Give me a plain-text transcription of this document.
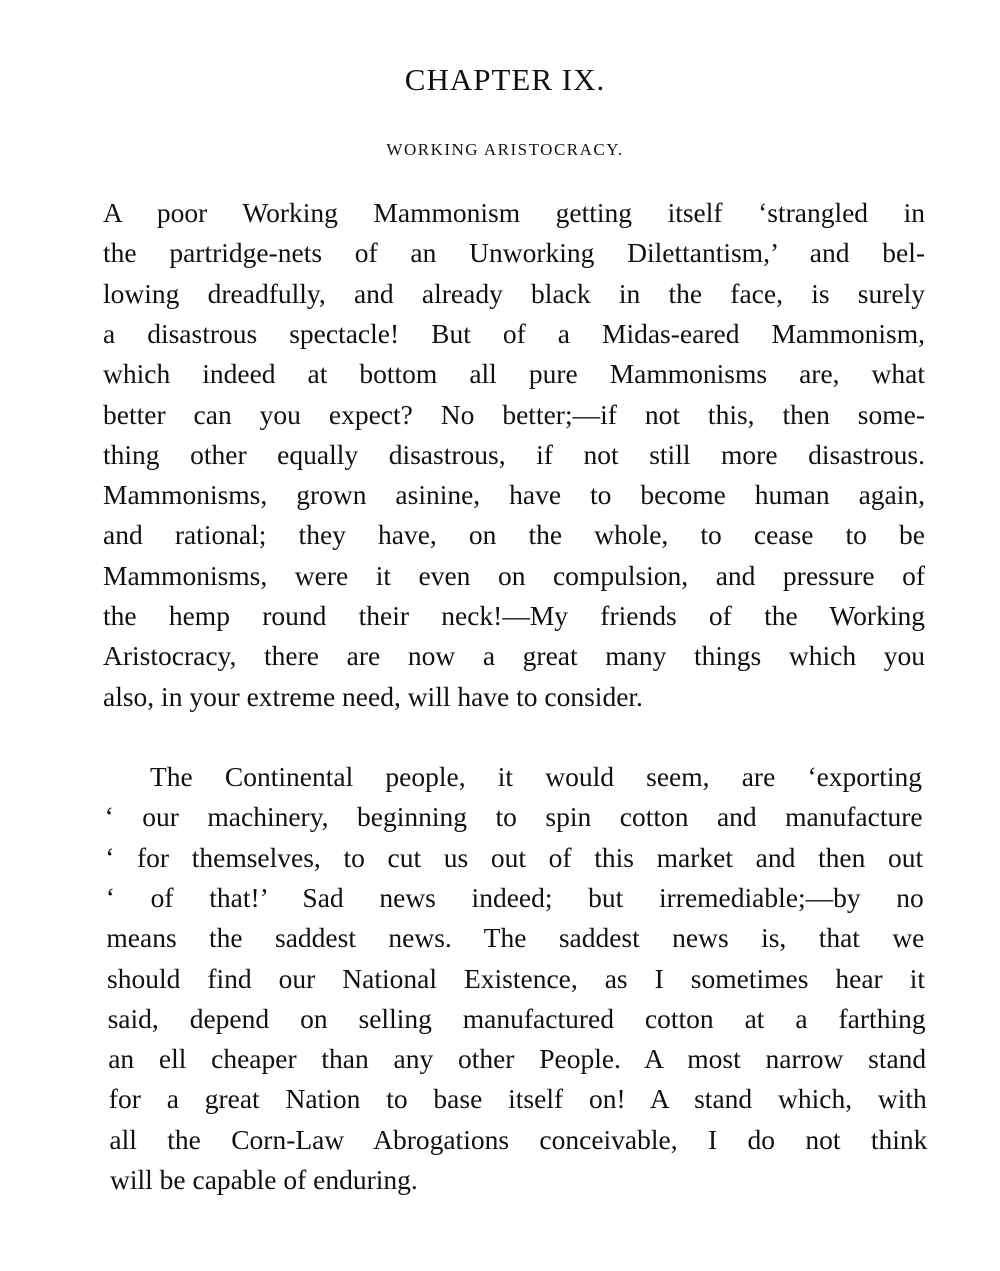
CHAPTER IX.
WORKING ARISTOCRACY.
A poor Working Mammonism getting itself ‘strangled in
the partridge-nets of an Unworking Dilettantism,’ and bel-
lowing dreadfully, and already black in the face, is surely
a disastrous spectacle! But of a Midas-eared Mammonism,
which indeed at bottom all pure Mammonisms are, what
better can you expect? No better;—if not this, then some-
thing other equally disastrous, if not still more disastrous.
Mammonisms, grown asinine, have to become human again,
and rational; they have, on the whole, to cease to be
Mammonisms, were it even on compulsion, and pressure of
the hemp round their neck!—My friends of the Working
Aristocracy, there are now a great many things which you
also, in your extreme need, will have to consider.
The Continental people, it would seem, are ‘exporting
‘ our machinery, beginning to spin cotton and manufacture
‘ for themselves, to cut us out of this market and then out
‘ of that!’ Sad news indeed; but irremediable;—by no
means the saddest news. The saddest news is, that we
should find our National Existence, as I sometimes hear it
said, depend on selling manufactured cotton at a farthing
an ell cheaper than any other People. A most narrow stand
for a great Nation to base itself on! A stand which, with
all the Corn-Law Abrogations conceivable, I do not think
will be capable of enduring.
